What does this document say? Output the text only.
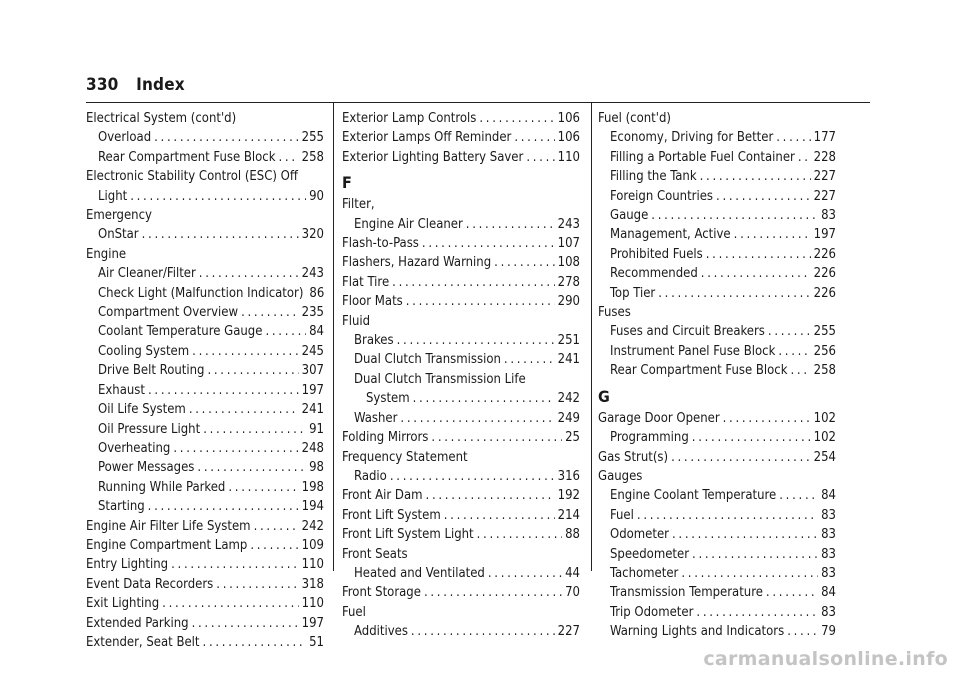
330 Index
Electrical System (cont'd)
Overload . . .	255
Rear Compartment Fuse Block . . . 258
Electronic Stability Control (ESC) Off
Light . . .	90
Emergency
OnStar . . .	320
Engine
Air Cleaner/Filter . . .	243
Check Light (Malfunction Indicator) 86
Compartment Overview . . .	235
Coolant Temperature Gauge . . .	84
Cooling System . . .	245
Drive Belt Routing . . .	307
Exhaust . . .	197
Oil Life System . . .	241
Oil Pressure Light . . .	91
Overheating . . .	248
Power Messages . . .	98
Running While Parked . . .	198
Starting . . .	194
Engine Air Filter Life System . . .	242
Engine Compartment Lamp . . .	109
Entry Lighting . . .	110
Event Data Recorders . . .	318
Exit Lighting . . .	110
Extended Parking . . .	197
Extender, Seat Belt . . .	51
Exterior Lamp Controls . . .	106
Exterior Lamps Off Reminder . . .	106
Exterior Lighting Battery Saver . . .	110
F
Filter,
Engine Air Cleaner . . .	243
Flash-to-Pass . . .	107
Flashers, Hazard Warning . . .	108
Flat Tire . . .	278
Floor Mats . . .	290
Fluid
Brakes . . .	251
Dual Clutch Transmission . . .	241
Dual Clutch Transmission Life
System . . .	242
Washer . . .	249
Folding Mirrors . . .	25
Frequency Statement
Radio . . .	316
Front Air Dam . . .	192
Front Lift System . . .	214
Front Lift System Light . . .	88
Front Seats
Heated and Ventilated . . .	44
Front Storage . . .	70
Fuel
Additives . . .	227
Fuel (cont'd)
Economy, Driving for Better . . .	177
Filling a Portable Fuel Container . . . 228
Filling the Tank . . .	227
Foreign Countries . . .	227
Gauge . . .	83
Management, Active . . .	197
Prohibited Fuels . . .	226
Recommended . . .	226
Top Tier . . .	226
Fuses
Fuses and Circuit Breakers . . .	255
Instrument Panel Fuse Block . . .	256
Rear Compartment Fuse Block . . . 258
G
Garage Door Opener . . .	102
Programming . . .	102
Gas Strut(s) . . .	254
Gauges
Engine Coolant Temperature . . .	84
Fuel . . .	83
Odometer . . .	83
Speedometer . . .	83
Tachometer . . .	83
Transmission Temperature . . .	84
Trip Odometer . . .	83
Warning Lights and Indicators . . .	79
carmanualsonline.info
